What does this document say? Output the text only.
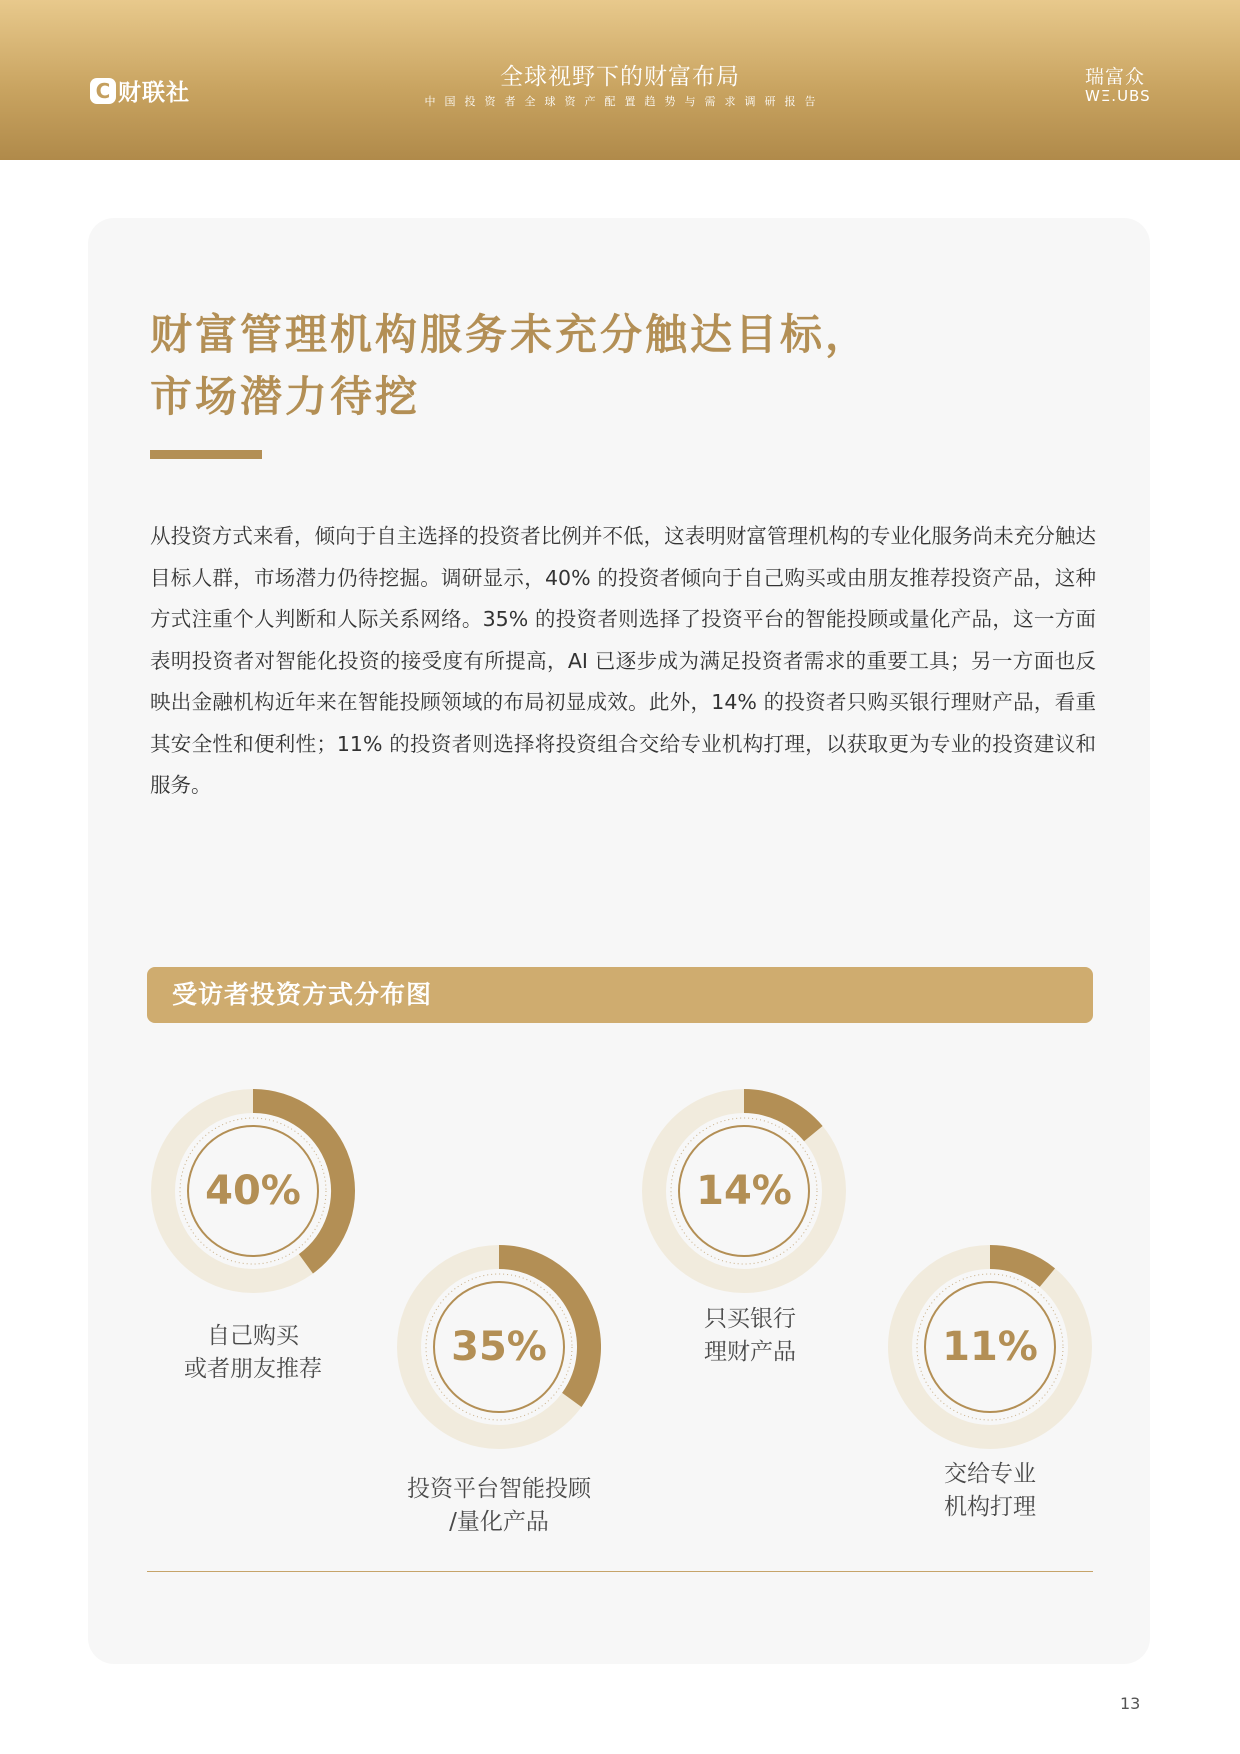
C 财联社
全球视野下的财富布局
中国投资者全球资产配置趋势与需求调研报告
瑞富众
WΞ.UBS
财富管理机构服务未充分触达目标，
市场潜力待挖
从投资方式来看，倾向于自主选择的投资者比例并不低，这表明财富管理机构的专业化服务尚未充分触达目标人群，市场潜力仍待挖掘。调研显示，40% 的投资者倾向于自己购买或由朋友推荐投资产品，这种方式注重个人判断和人际关系网络。35% 的投资者则选择了投资平台的智能投顾或量化产品，这一方面表明投资者对智能化投资的接受度有所提高，AI 已逐步成为满足投资者需求的重要工具；另一方面也反映出金融机构近年来在智能投顾领域的布局初显成效。此外，14% 的投资者只购买银行理财产品，看重其安全性和便利性；11% 的投资者则选择将投资组合交给专业机构打理，以获取更为专业的投资建议和服务。
受访者投资方式分布图
40%
自己购买
或者朋友推荐	35%
投资平台智能投顾
/量化产品
14%
只买银行
理财产品	11%
交给专业
机构打理
13
